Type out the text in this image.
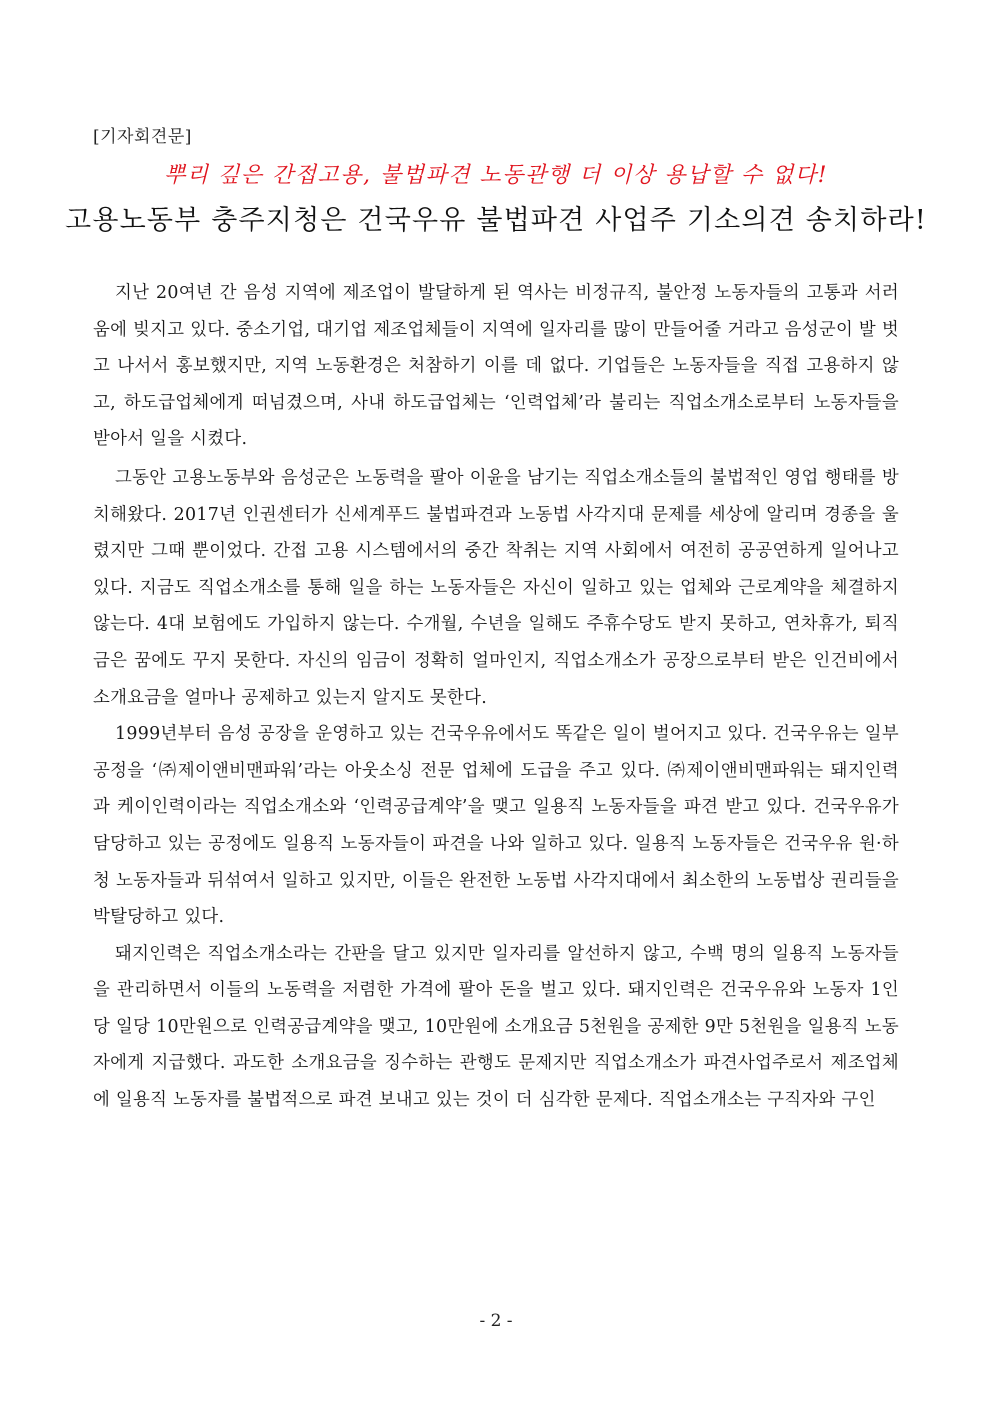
[기자회견문]
뿌리 깊은 간접고용, 불법파견 노동관행 더 이상 용납할 수 없다!
고용노동부 충주지청은 건국우유 불법파견 사업주 기소의견 송치하라!

지난 20여년 간 음성 지역에 제조업이 발달하게 된 역사는 비정규직, 불안정 노동자들의 고통과 서러움에 빚지고 있다. 중소기업, 대기업 제조업체들이 지역에 일자리를 많이 만들어줄 거라고 음성군이 발 벗고 나서서 홍보했지만, 지역 노동환경은 처참하기 이를 데 없다. 기업들은 노동자들을 직접 고용하지 않고, 하도급업체에게 떠넘겼으며, 사내 하도급업체는 ‘인력업체’라 불리는 직업소개소로부터 노동자들을 받아서 일을 시켰다.

그동안 고용노동부와 음성군은 노동력을 팔아 이윤을 남기는 직업소개소들의 불법적인 영업 행태를 방치해왔다. 2017년 인권센터가 신세계푸드 불법파견과 노동법 사각지대 문제를 세상에 알리며 경종을 울렸지만 그때 뿐이었다. 간접 고용 시스템에서의 중간 착취는 지역 사회에서 여전히 공공연하게 일어나고 있다. 지금도 직업소개소를 통해 일을 하는 노동자들은 자신이 일하고 있는 업체와 근로계약을 체결하지 않는다. 4대 보험에도 가입하지 않는다. 수개월, 수년을 일해도 주휴수당도 받지 못하고, 연차휴가, 퇴직금은 꿈에도 꾸지 못한다. 자신의 임금이 정확히 얼마인지, 직업소개소가 공장으로부터 받은 인건비에서 소개요금을 얼마나 공제하고 있는지 알지도 못한다.

1999년부터 음성 공장을 운영하고 있는 건국우유에서도 똑같은 일이 벌어지고 있다. 건국우유는 일부 공정을 ‘㈜제이앤비맨파워’라는 아웃소싱 전문 업체에 도급을 주고 있다. ㈜제이앤비맨파워는 돼지인력과 케이인력이라는 직업소개소와 ‘인력공급계약’을 맺고 일용직 노동자들을 파견 받고 있다. 건국우유가 담당하고 있는 공정에도 일용직 노동자들이 파견을 나와 일하고 있다. 일용직 노동자들은 건국우유 원·하청 노동자들과 뒤섞여서 일하고 있지만, 이들은 완전한 노동법 사각지대에서 최소한의 노동법상 권리들을 박탈당하고 있다.

돼지인력은 직업소개소라는 간판을 달고 있지만 일자리를 알선하지 않고, 수백 명의 일용직 노동자들을 관리하면서 이들의 노동력을 저렴한 가격에 팔아 돈을 벌고 있다. 돼지인력은 건국우유와 노동자 1인당 일당 10만원으로 인력공급계약을 맺고, 10만원에 소개요금 5천원을 공제한 9만 5천원을 일용직 노동자에게 지급했다. 과도한 소개요금을 징수하는 관행도 문제지만 직업소개소가 파견사업주로서 제조업체에 일용직 노동자를 불법적으로 파견 보내고 있는 것이 더 심각한 문제다. 직업소개소는 구직자와 구인

- 2 -
